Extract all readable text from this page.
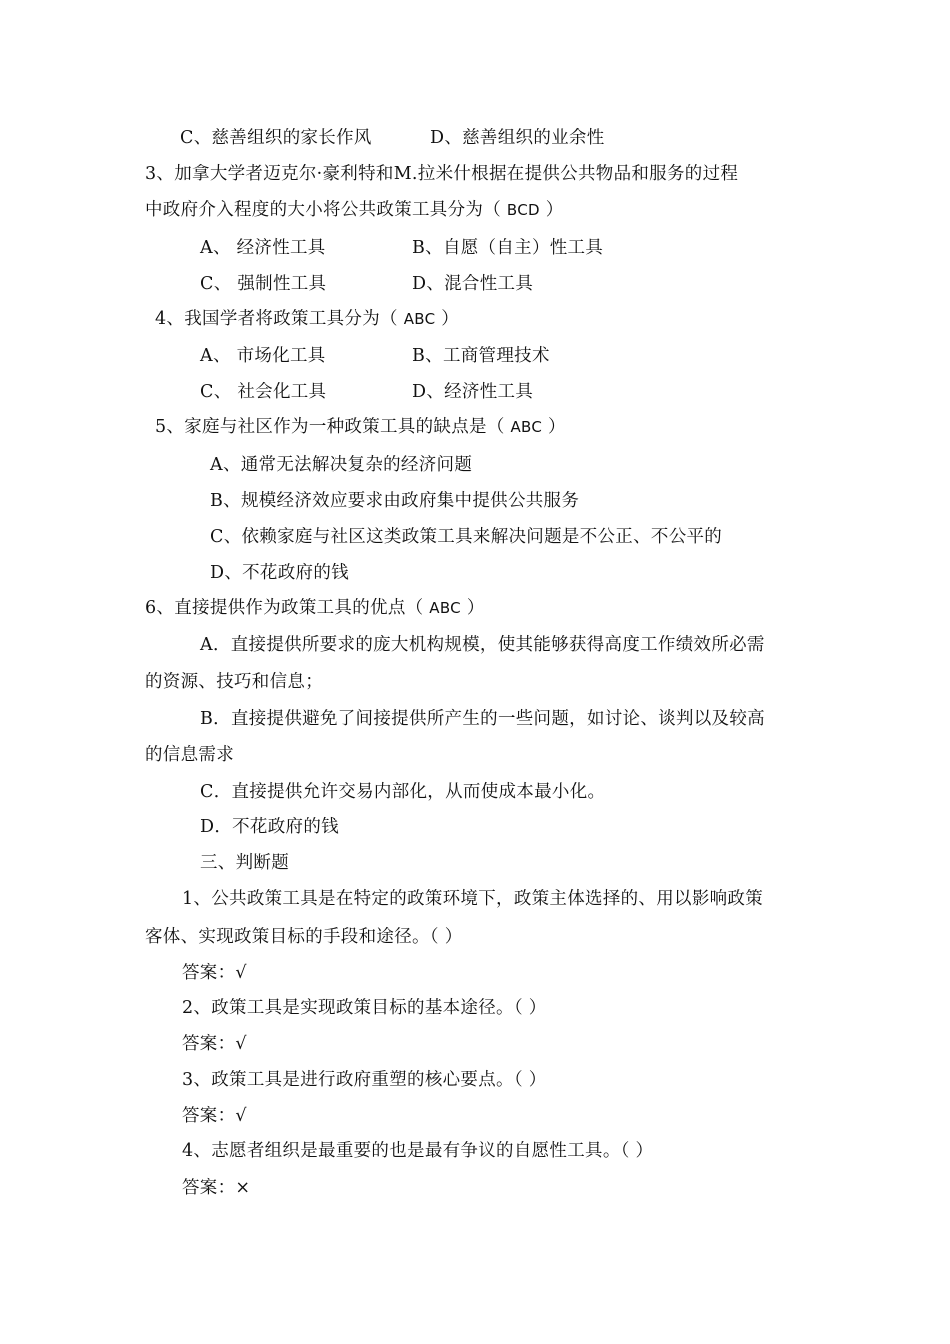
C、慈善组织的家长作风	D、慈善组织的业余性
3、加拿大学者迈克尔·豪利特和M.拉米什根据在提供公共物品和服务的过程
中政府介入程度的大小将公共政策工具分为（ BCD ）
A、 经济性工具	B、自愿（自主）性工具
C、 强制性工具	D、混合性工具
4、我国学者将政策工具分为（ ABC ）
A、 市场化工具	B、工商管理技术
C、 社会化工具	D、经济性工具
5、家庭与社区作为一种政策工具的缺点是（ ABC ）
A、通常无法解决复杂的经济问题
B、规模经济效应要求由政府集中提供公共服务
C、依赖家庭与社区这类政策工具来解决问题是不公正、不公平的
D、不花政府的钱
6、直接提供作为政策工具的优点（ ABC ）
A．直接提供所要求的庞大机构规模，使其能够获得高度工作绩效所必需
的资源、技巧和信息；
B．直接提供避免了间接提供所产生的一些问题，如讨论、谈判以及较高
的信息需求
C．直接提供允许交易内部化，从而使成本最小化。
D．不花政府的钱
三、判断题
1、公共政策工具是在特定的政策环境下，政策主体选择的、用以影响政策
客体、实现政策目标的手段和途径。（ ）
答案：√
2、政策工具是实现政策目标的基本途径。（ ）
答案：√
3、政策工具是进行政府重塑的核心要点。（ ）
答案：√
4、志愿者组织是最重要的也是最有争议的自愿性工具。（ ）
答案：×
